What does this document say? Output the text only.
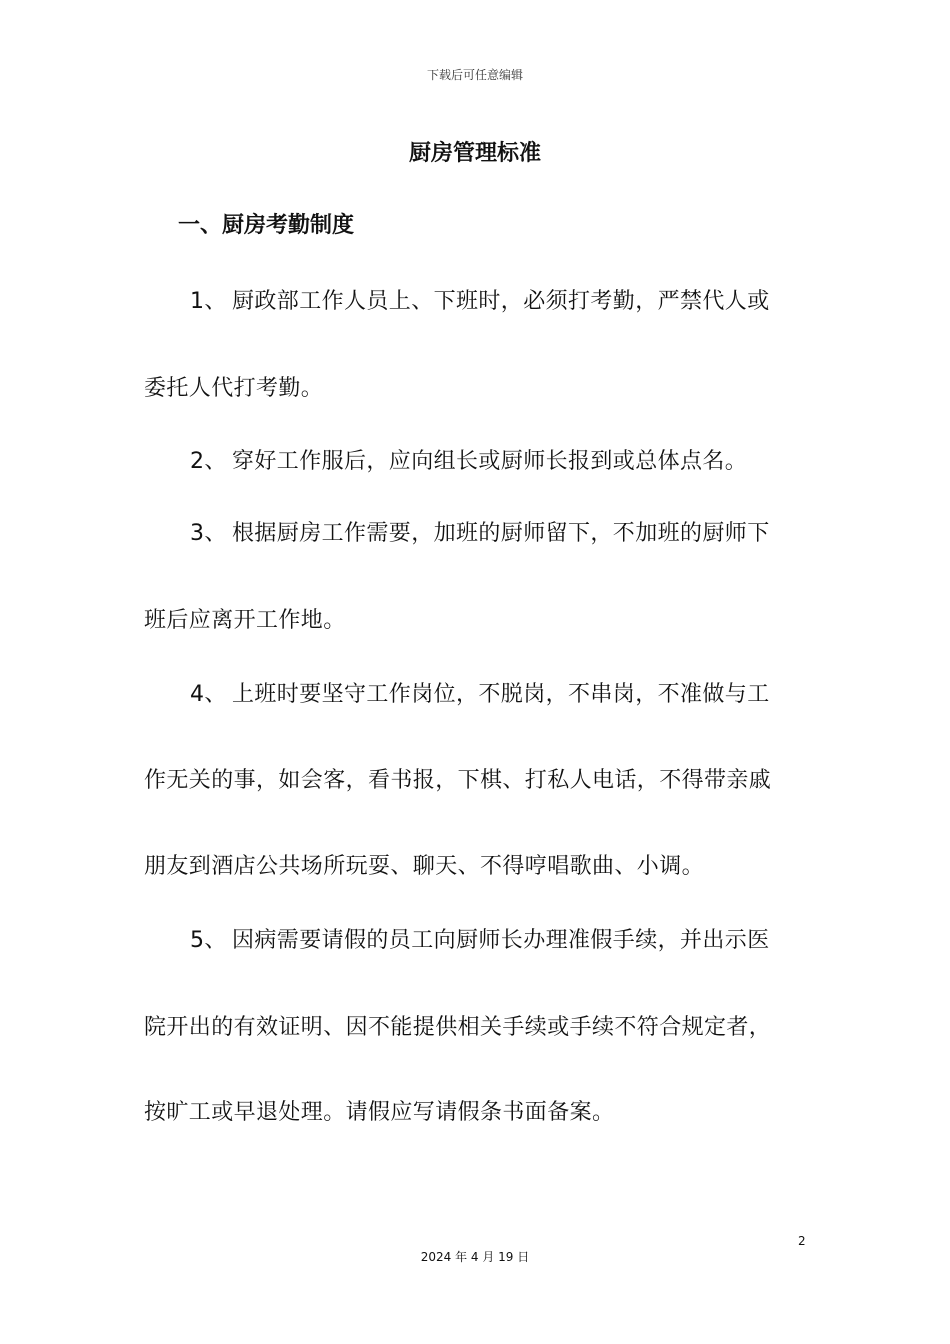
下载后可任意编辑
厨房管理标准
一、厨房考勤制度
1、 厨政部工作人员上、下班时，必须打考勤，严禁代人或
委托人代打考勤。
2、 穿好工作服后，应向组长或厨师长报到或总体点名。
3、 根据厨房工作需要，加班的厨师留下，不加班的厨师下
班后应离开工作地。
4、 上班时要坚守工作岗位，不脱岗，不串岗，不准做与工
作无关的事，如会客，看书报，下棋、打私人电话，不得带亲戚
朋友到酒店公共场所玩耍、聊天、不得哼唱歌曲、小调。
5、 因病需要请假的员工向厨师长办理准假手续，并出示医
院开出的有效证明、因不能提供相关手续或手续不符合规定者，
按旷工或早退处理。请假应写请假条书面备案。
2
2024 年 4 月 19 日
